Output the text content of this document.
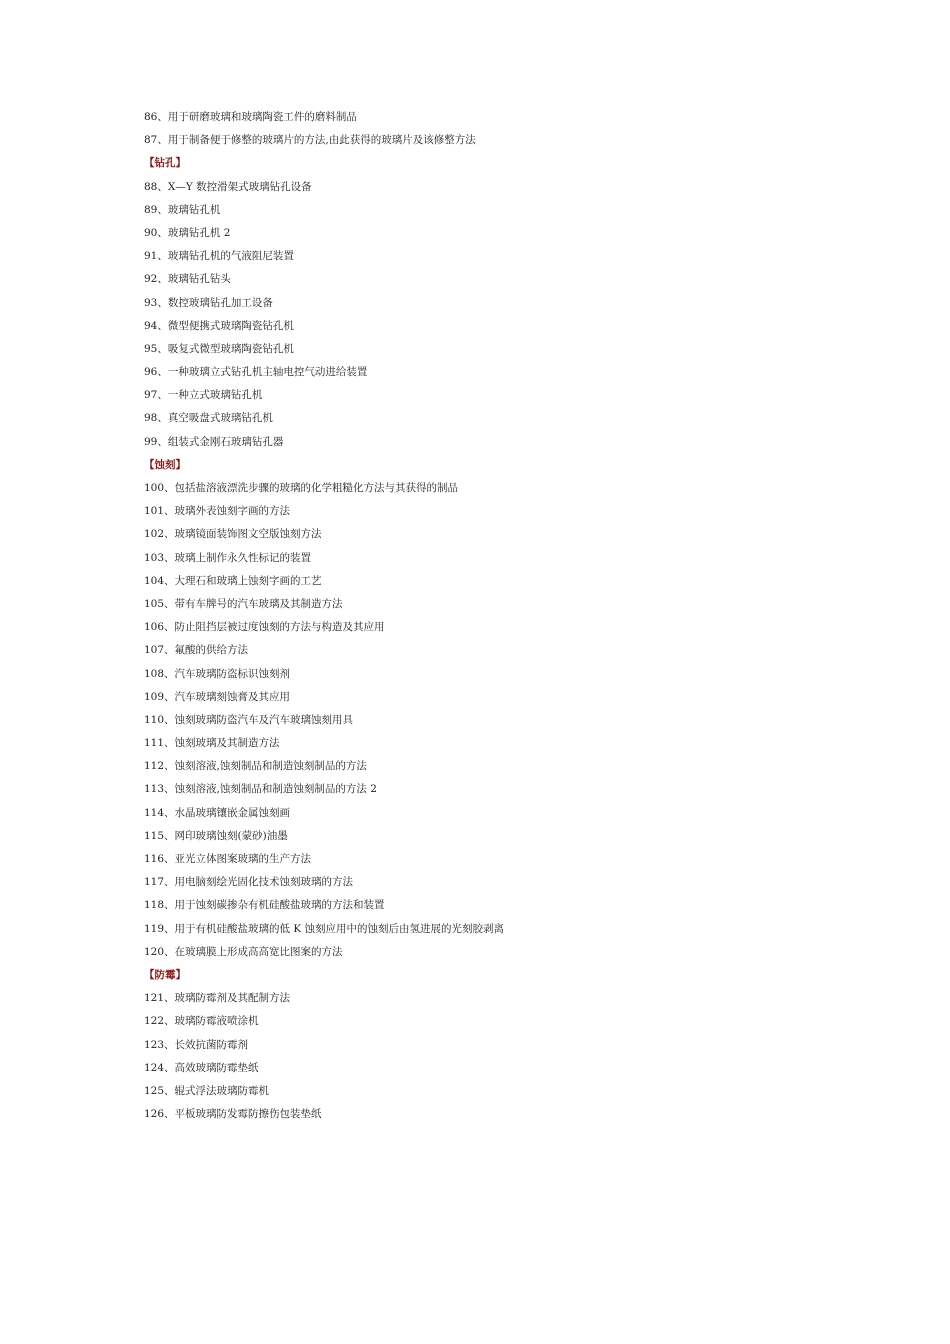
86、用于研磨玻璃和玻璃陶瓷工件的磨料制品
87、用于制备便于修整的玻璃片的方法,由此获得的玻璃片及该修整方法
【钻孔】
88、X—Y 数控滑架式玻璃钻孔设备
89、玻璃钻孔机
90、玻璃钻孔机 2
91、玻璃钻孔机的气液阻尼装置
92、玻璃钻孔钻头
93、数控玻璃钻孔加工设备
94、微型便携式玻璃陶瓷钻孔机
95、吸复式微型玻璃陶瓷钻孔机
96、一种玻璃立式钻孔机主轴电控气动进给装置
97、一种立式玻璃钻孔机
98、真空吸盘式玻璃钻孔机
99、组装式金刚石玻璃钻孔器
【蚀刻】
100、包括盐溶液漂洗步骤的玻璃的化学粗糙化方法与其获得的制品
101、玻璃外表蚀刻字画的方法
102、玻璃镜面装饰图文空版蚀刻方法
103、玻璃上制作永久性标记的装置
104、大理石和玻璃上蚀刻字画的工艺
105、带有车牌号的汽车玻璃及其制造方法
106、防止阻挡层被过度蚀刻的方法与构造及其应用
107、氟酸的供给方法
108、汽车玻璃防盗标识蚀刻剂
109、汽车玻璃刻蚀膏及其应用
110、蚀刻玻璃防盗汽车及汽车玻璃蚀刻用具
111、蚀刻玻璃及其制造方法
112、蚀刻溶液,蚀刻制品和制造蚀刻制品的方法
113、蚀刻溶液,蚀刻制品和制造蚀刻制品的方法 2
114、水晶玻璃镶嵌金属蚀刻画
115、网印玻璃蚀刻(蒙砂)油墨
116、亚光立体图案玻璃的生产方法
117、用电脑刻绘光固化技术蚀刻玻璃的方法
118、用于蚀刻碳掺杂有机硅酸盐玻璃的方法和装置
119、用于有机硅酸盐玻璃的低 K 蚀刻应用中的蚀刻后由氢进展的光刻胶剥离
120、在玻璃膜上形成高高宽比图案的方法
【防霉】
121、玻璃防霉剂及其配制方法
122、玻璃防霉液喷涂机
123、长效抗菌防霉剂
124、高效玻璃防霉垫纸
125、辊式浮法玻璃防霉机
126、平板玻璃防发霉防擦伤包装垫纸
